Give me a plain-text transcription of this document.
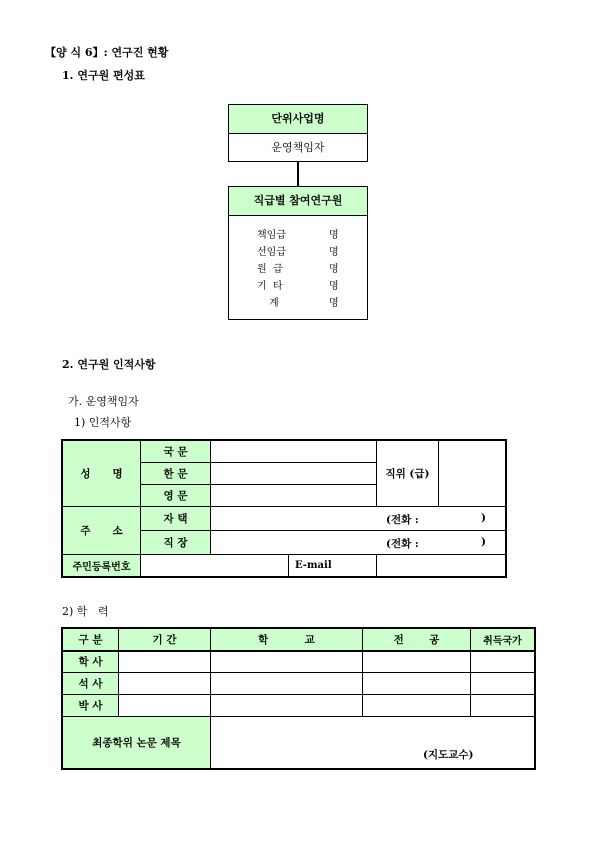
【양 식 6】: 연구진 현황
1. 연구원 편성표
단위사업명
운영책임자
직급별 참여연구원
책임급	명
선임급	명
원  급	명
기  타	명
계	명
2. 연구원 인적사항
가. 운영책임자
1) 인적사항
성      명	국 문			직위 (급)	
	한 문				
	영 문				
주      소	자 택	(전화 : )			

	직 장	(전화 : )			

주민등록번호			E-mail		
2) 학   력
구 분	기 간	학          교	전       공	취득국가
학 사				
석 사				
박 사				
최종학위 논문 제목		(지도교수)		
